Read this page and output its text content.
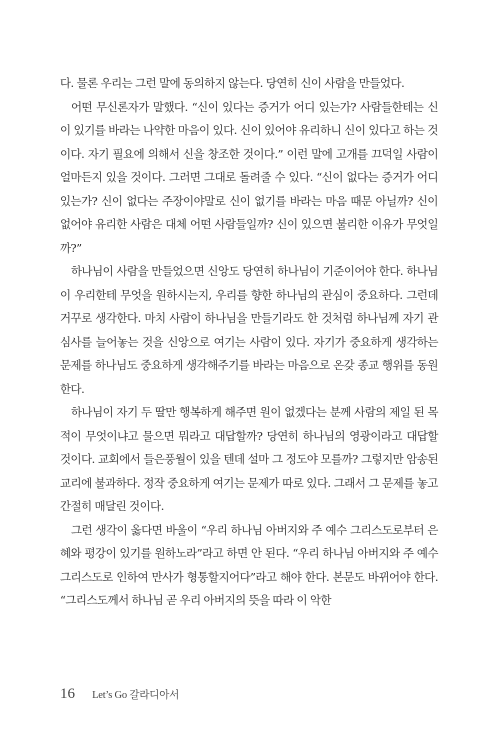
다. 물론 우리는 그런 말에 동의하지 않는다. 당연히 신이 사람을 만들었다.

어떤 무신론자가 말했다. “신이 있다는 증거가 어디 있는가? 사람들한테는 신이 있기를 바라는 나약한 마음이 있다. 신이 있어야 유리하니 신이 있다고 하는 것이다. 자기 필요에 의해서 신을 창조한 것이다.” 이런 말에 고개를 끄덕일 사람이 얼마든지 있을 것이다. 그러면 그대로 돌려줄 수 있다. “신이 없다는 증거가 어디 있는가? 신이 없다는 주장이야말로 신이 없기를 바라는 마음 때문 아닐까? 신이 없어야 유리한 사람은 대체 어떤 사람들일까? 신이 있으면 불리한 이유가 무엇일까?”

하나님이 사람을 만들었으면 신앙도 당연히 하나님이 기준이어야 한다. 하나님이 우리한테 무엇을 원하시는지, 우리를 향한 하나님의 관심이 중요하다. 그런데 거꾸로 생각한다. 마치 사람이 하나님을 만들기라도 한 것처럼 하나님께 자기 관심사를 늘어놓는 것을 신앙으로 여기는 사람이 있다. 자기가 중요하게 생각하는 문제를 하나님도 중요하게 생각해주기를 바라는 마음으로 온갖 종교 행위를 동원한다.

하나님이 자기 두 딸만 행복하게 해주면 원이 없겠다는 분께 사람의 제일 된 목적이 무엇이냐고 물으면 뭐라고 대답할까? 당연히 하나님의 영광이라고 대답할 것이다. 교회에서 들은풍월이 있을 텐데 설마 그 정도야 모를까? 그렇지만 암송된 교리에 불과하다. 정작 중요하게 여기는 문제가 따로 있다. 그래서 그 문제를 놓고 간절히 매달린 것이다.

그런 생각이 옳다면 바울이 “우리 하나님 아버지와 주 예수 그리스도로부터 은혜와 평강이 있기를 원하노라”라고 하면 안 된다. “우리 하나님 아버지와 주 예수 그리스도로 인하여 만사가 형통할지어다”라고 해야 한다. 본문도 바뀌어야 한다. “그리스도께서 하나님 곧 우리 아버지의 뜻을 따라 이 악한

16 Let’s Go 갈라디아서
